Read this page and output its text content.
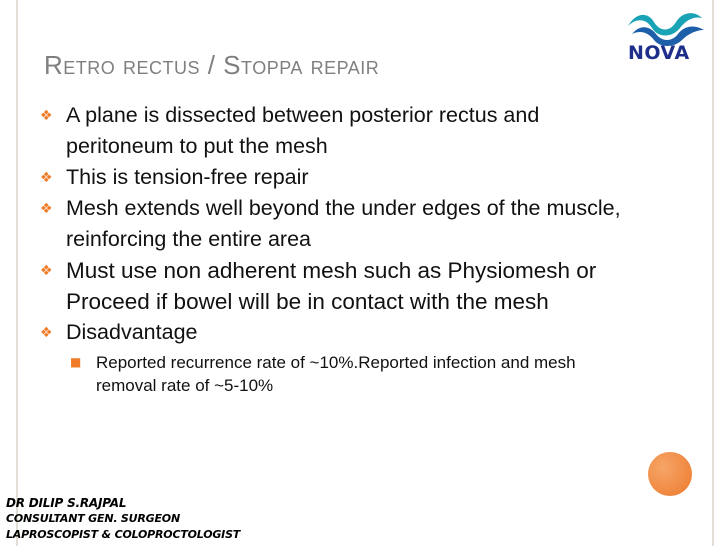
Retro rectus / Stoppa repair
❖ A plane is dissected between posterior rectus and peritoneum to put the mesh
❖ This is tension-free repair
❖ Mesh extends well beyond the under edges of the muscle, reinforcing the entire area
❖ Must use non adherent mesh such as Physiomesh or Proceed if bowel will be in contact with the mesh
❖ Disadvantage
■ Reported recurrence rate of ~10%.Reported infection and mesh removal rate of ~5-10%
NOVA
DR DILIP S.RAJPAL
CONSULTANT GEN. SURGEON
LAPROSCOPIST & COLOPROCTOLOGIST
